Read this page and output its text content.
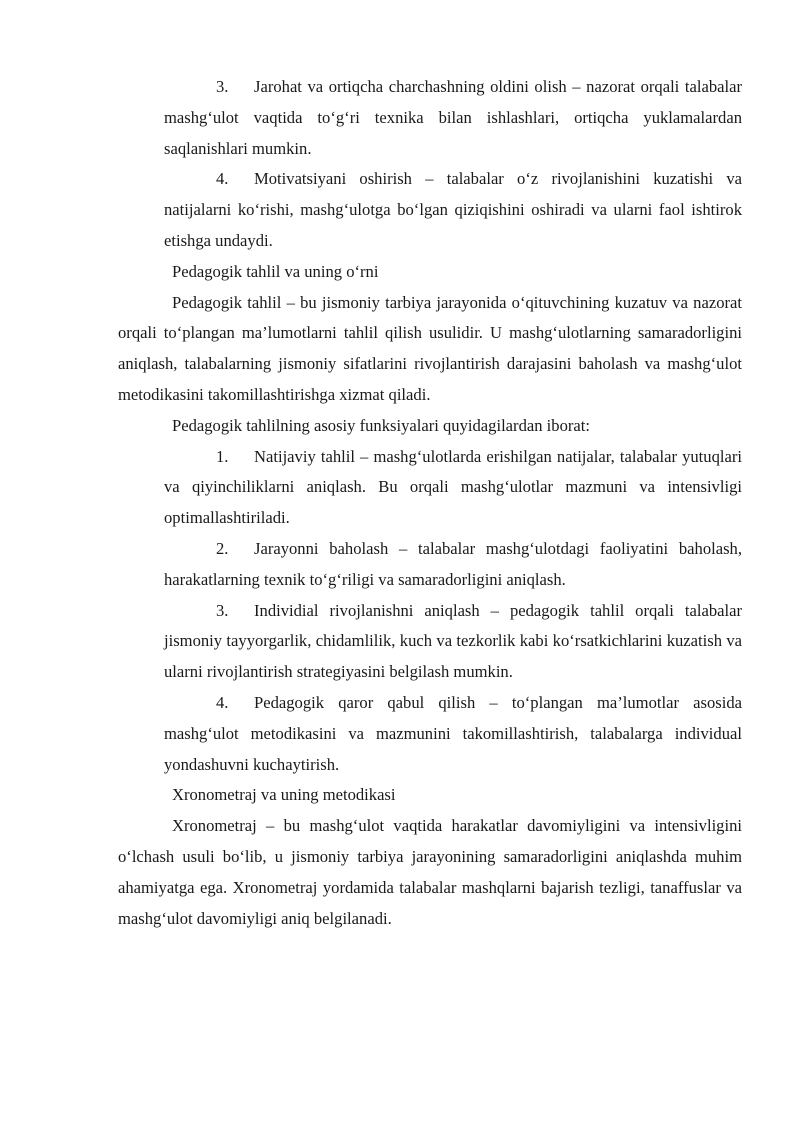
3. Jarohat va ortiqcha charchashning oldini olish – nazorat orqali talabalar mashg‘ulot vaqtida to‘g‘ri texnika bilan ishlashlari, ortiqcha yuklamalardan saqlanishlari mumkin.

4. Motivatsiyani oshirish – talabalar o‘z rivojlanishini kuzatishi va natijalarni ko‘rishi, mashg‘ulotga bo‘lgan qiziqishini oshiradi va ularni faol ishtirok etishga undaydi.

Pedagogik tahlil va uning o‘rni

Pedagogik tahlil – bu jismoniy tarbiya jarayonida o‘qituvchining kuzatuv va nazorat orqali to‘plangan ma’lumotlarni tahlil qilish usulidir. U mashg‘ulotlarning samaradorligini aniqlash, talabalarning jismoniy sifatlarini rivojlantirish darajasini baholash va mashg‘ulot metodikasini takomillashtirishga xizmat qiladi.

Pedagogik tahlilning asosiy funksiyalari quyidagilardan iborat:

1. Natijaviy tahlil – mashg‘ulotlarda erishilgan natijalar, talabalar yutuqlari va qiyinchiliklarni aniqlash. Bu orqali mashg‘ulotlar mazmuni va intensivligi optimallashtiriladi.

2. Jarayonni baholash – talabalar mashg‘ulotdagi faoliyatini baholash, harakatlarning texnik to‘g‘riligi va samaradorligini aniqlash.

3. Individial rivojlanishni aniqlash – pedagogik tahlil orqali talabalar jismoniy tayyorgarlik, chidamlilik, kuch va tezkorlik kabi ko‘rsatkichlarini kuzatish va ularni rivojlantirish strategiyasini belgilash mumkin.

4. Pedagogik qaror qabul qilish – to‘plangan ma’lumotlar asosida mashg‘ulot metodikasini va mazmunini takomillashtirish, talabalarga individual yondashuvni kuchaytirish.

Xronometraj va uning metodikasi

Xronometraj – bu mashg‘ulot vaqtida harakatlar davomiyligini va intensivligini o‘lchash usuli bo‘lib, u jismoniy tarbiya jarayonining samaradorligini aniqlashda muhim ahamiyatga ega. Xronometraj yordamida talabalar mashqlarni bajarish tezligi, tanaffuslar va mashg‘ulot davomiyligi aniq belgilanadi.
